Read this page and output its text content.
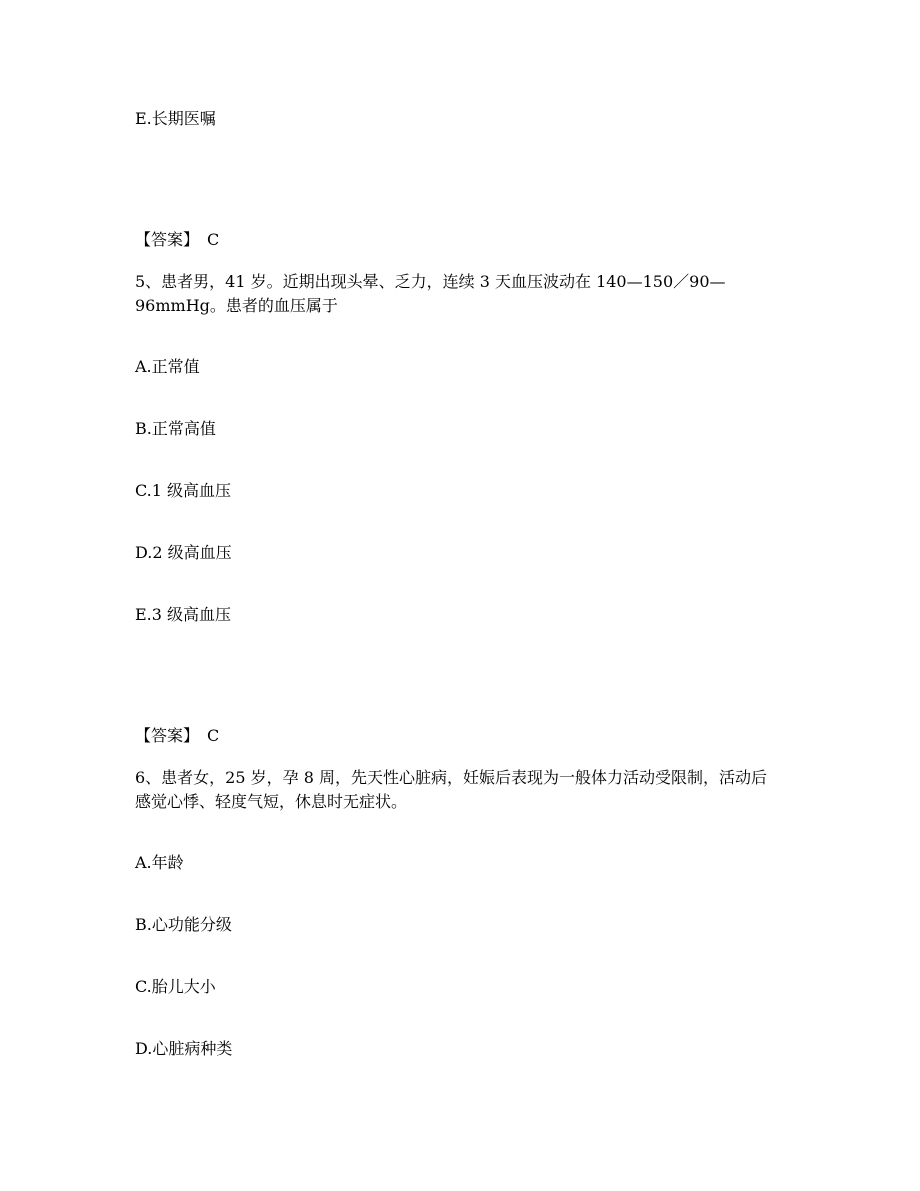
E.长期医嘱
【答案】　C
5、患者男，41 岁。近期出现头晕、乏力，连续 3 天血压波动在 140—150／90—
96mmHg。患者的血压属于
A.正常值
B.正常高值
C.1 级高血压
D.2 级高血压
E.3 级高血压
【答案】　C
6、患者女，25 岁，孕 8 周，先天性心脏病，妊娠后表现为一般体力活动受限制，活动后
感觉心悸、轻度气短，休息时无症状。
A.年龄
B.心功能分级
C.胎儿大小
D.心脏病种类
